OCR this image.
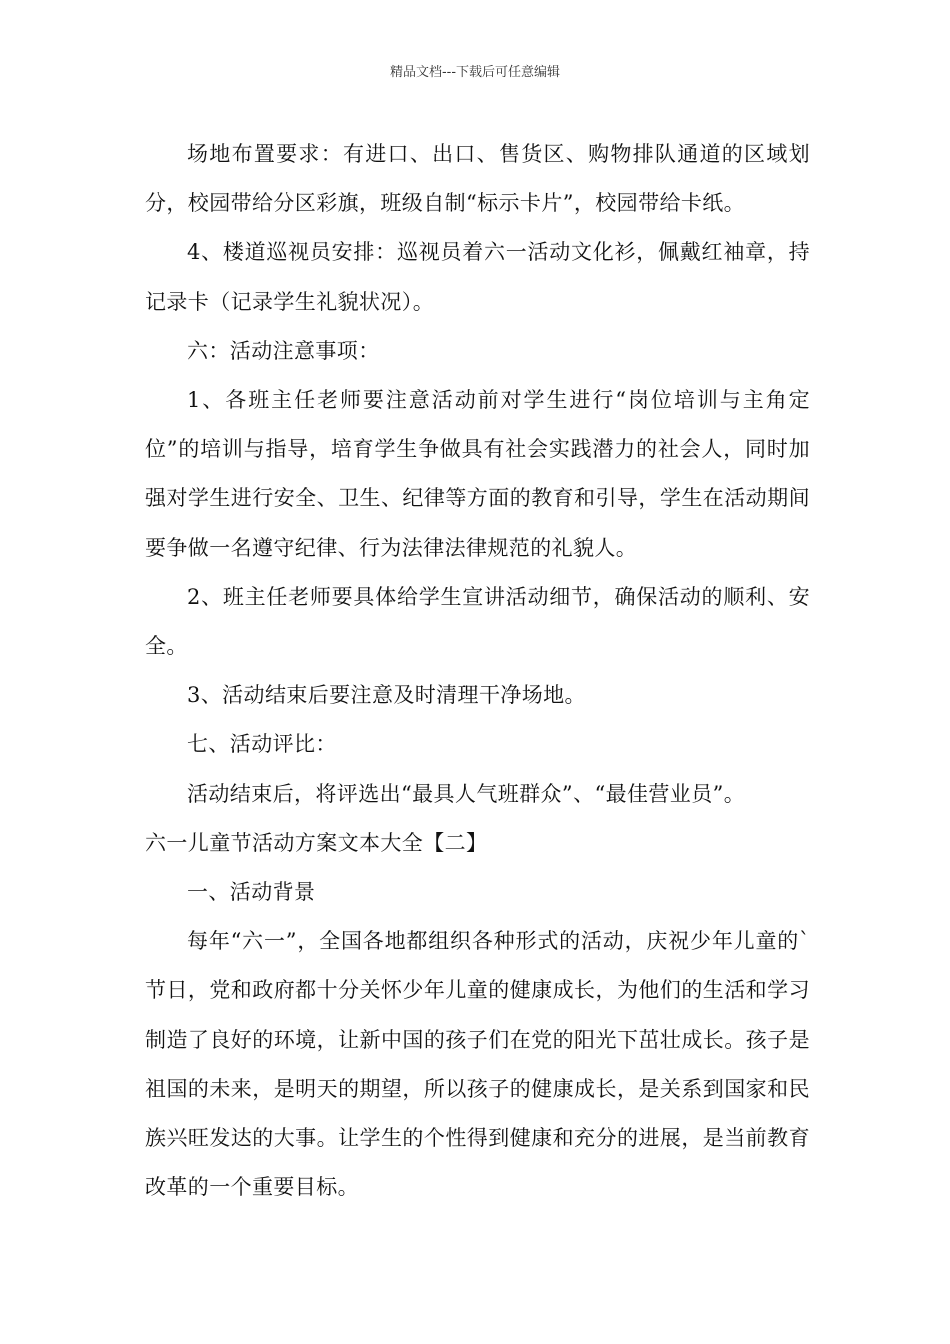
精品文档---下载后可任意编辑

场地布置要求：有进口、出口、售货区、购物排队通道的区域划分，校园带给分区彩旗，班级自制“标示卡片”，校园带给卡纸。

4、楼道巡视员安排：巡视员着六一活动文化衫，佩戴红袖章，持记录卡（记录学生礼貌状况）。

六：活动注意事项：

1、各班主任老师要注意活动前对学生进行“岗位培训与主角定位”的培训与指导，培育学生争做具有社会实践潜力的社会人，同时加强对学生进行安全、卫生、纪律等方面的教育和引导，学生在活动期间要争做一名遵守纪律、行为法律法律规范的礼貌人。

2、班主任老师要具体给学生宣讲活动细节，确保活动的顺利、安全。

3、活动结束后要注意及时清理干净场地。

七、活动评比：

活动结束后，将评选出“最具人气班群众”、“最佳营业员”。

六一儿童节活动方案文本大全【二】

一、活动背景

每年“六一”，全国各地都组织各种形式的活动，庆祝少年儿童的`节日，党和政府都十分关怀少年儿童的健康成长，为他们的生活和学习制造了良好的环境，让新中国的孩子们在党的阳光下茁壮成长。孩子是祖国的未来，是明天的期望，所以孩子的健康成长，是关系到国家和民族兴旺发达的大事。让学生的个性得到健康和充分的进展，是当前教育改革的一个重要目标。
